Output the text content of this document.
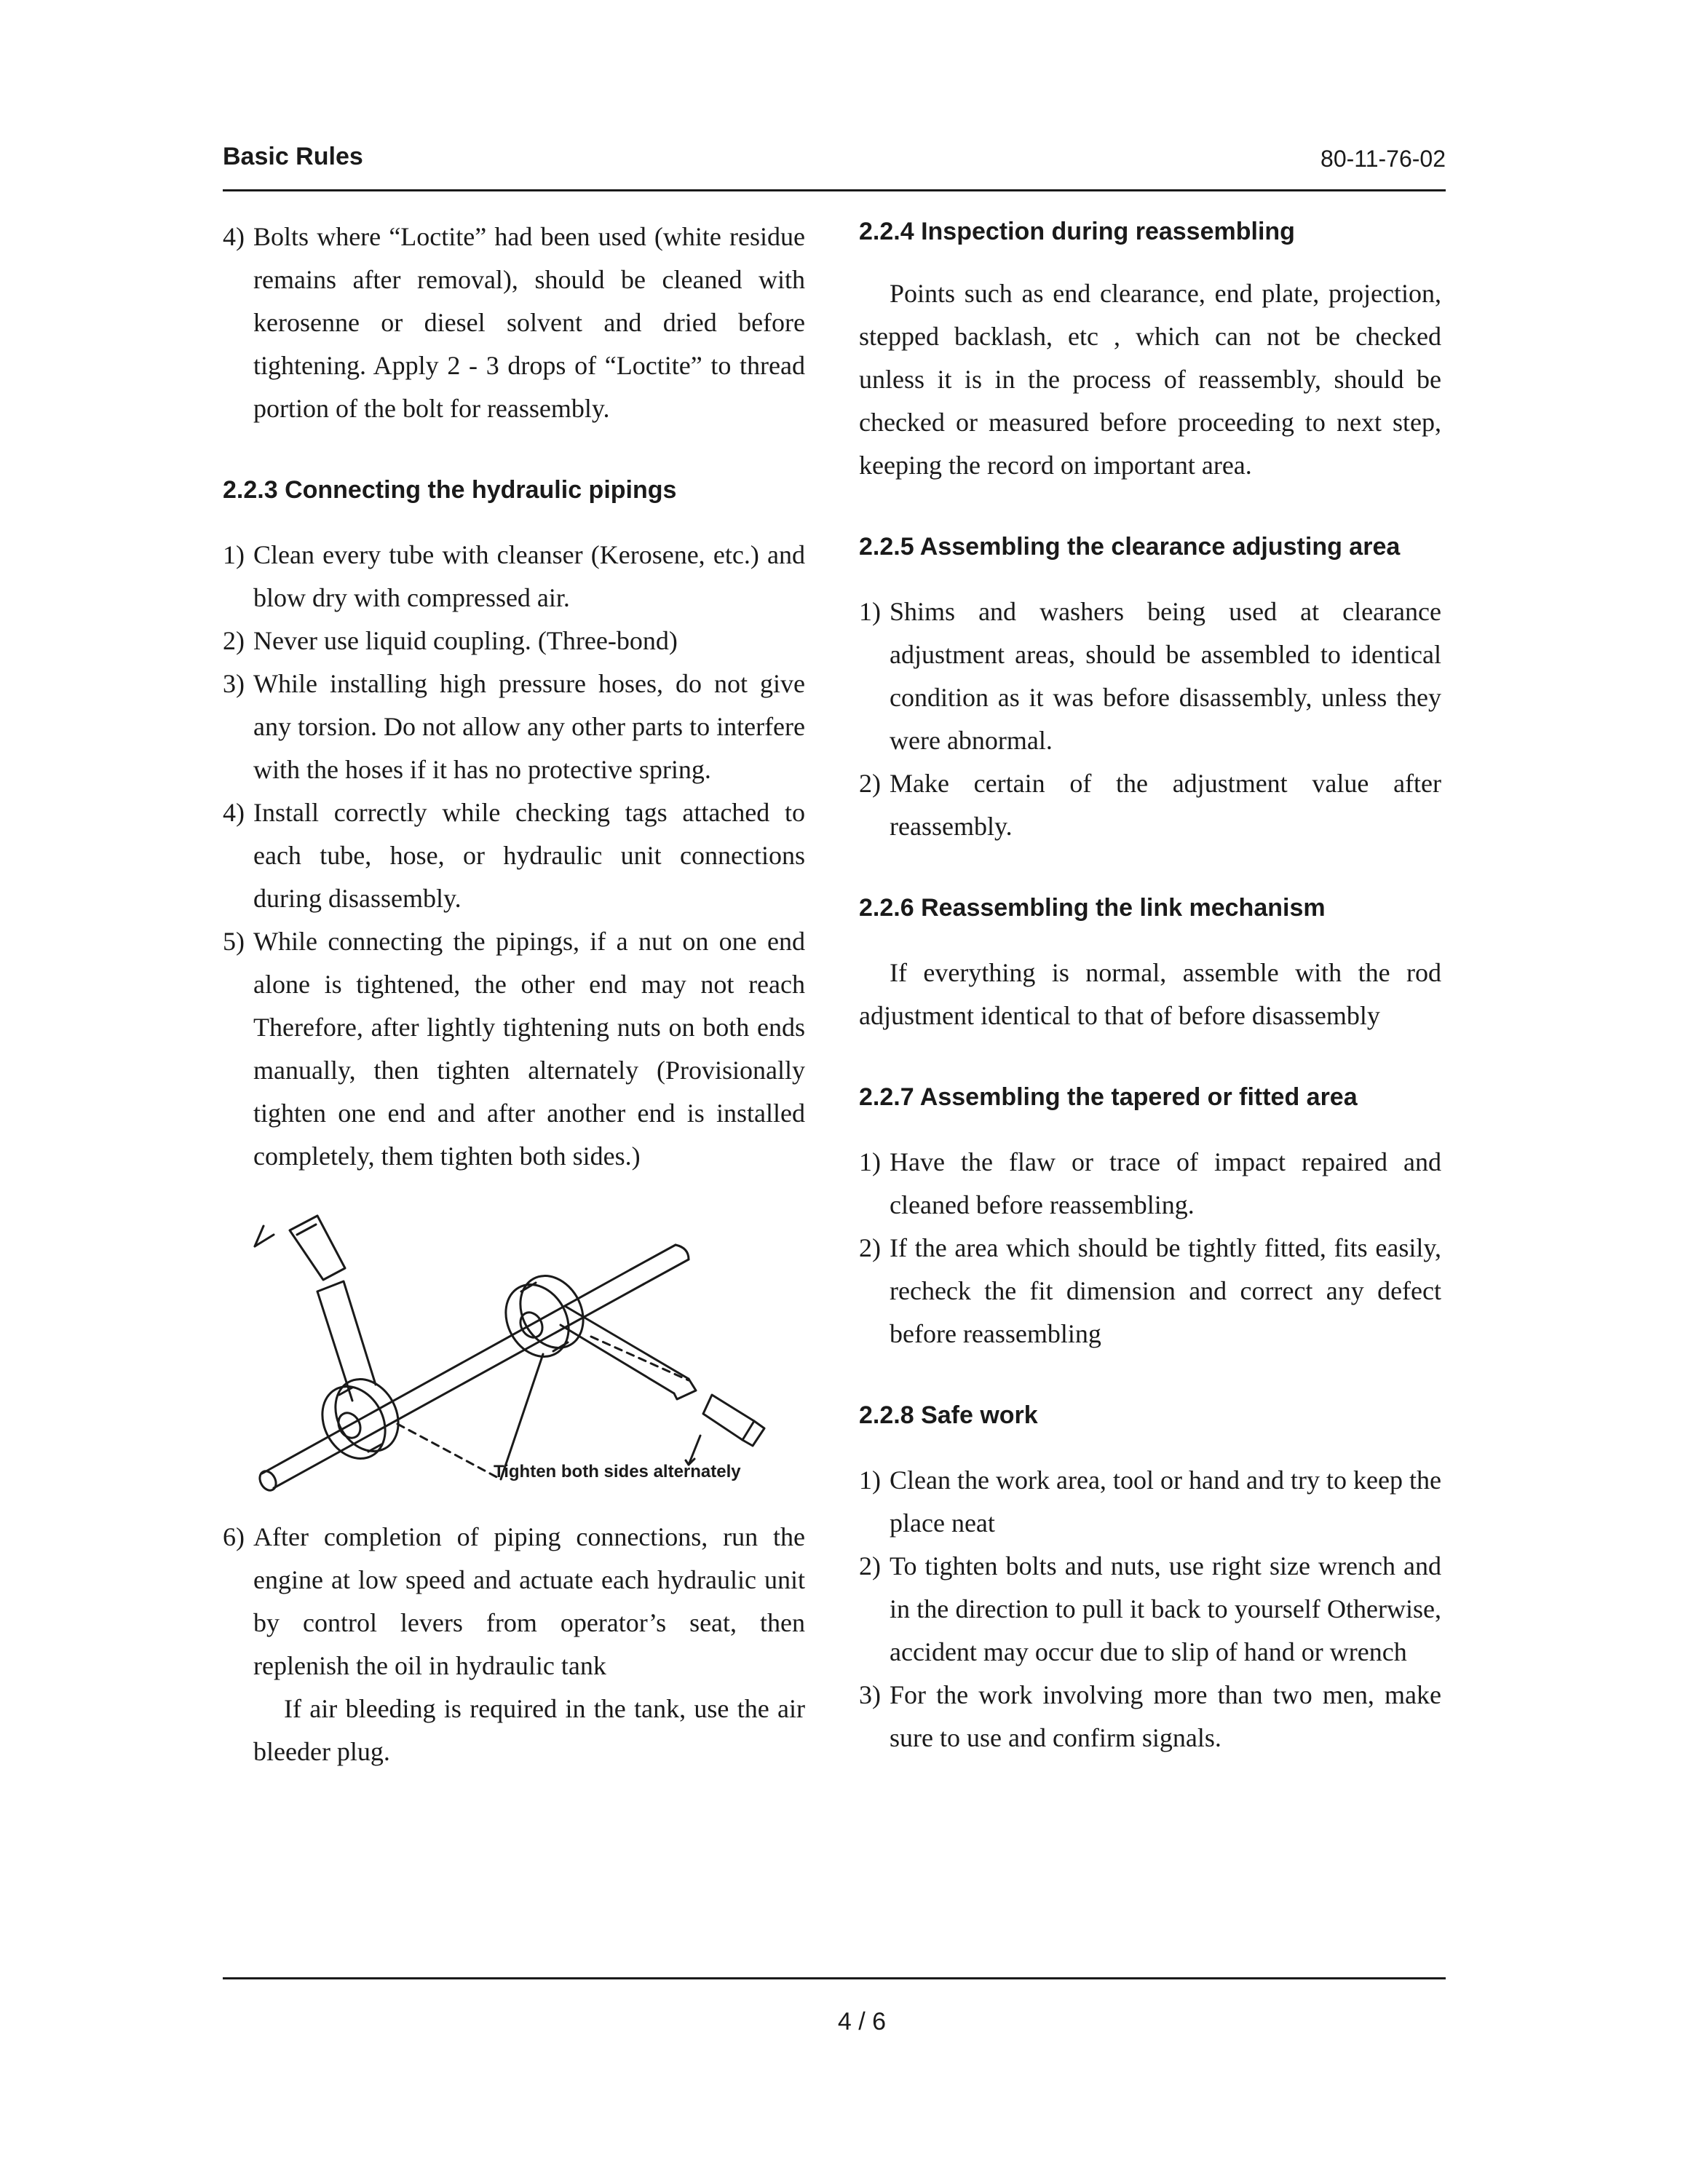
Basic Rules	80-11-76-02
4) Bolts where “Loctite” had been used (white residue remains after removal), should be cleaned with kerosenne or diesel solvent and dried before tightening. Apply 2 - 3 drops of “Loctite” to thread portion of the bolt for reassembly.
2.2.3 Connecting the hydraulic pipings
1) Clean every tube with cleanser (Kerosene, etc.) and blow dry with compressed air.
2) Never use liquid coupling. (Three-bond)
3) While installing high pressure hoses, do not give any torsion. Do not allow any other parts to interfere with the hoses if it has no protective spring.
4) Install correctly while checking tags attached to each tube, hose, or hydraulic unit connections during disassembly.
5) While connecting the pipings, if a nut on one end alone is tightened, the other end may not reach Therefore, after lightly tightening nuts on both ends manually, then tighten alternately (Provisionally tighten one end and after another end is installed completely, them tighten both sides.)
Tighten both sides alternately
6) After completion of piping connections, run the engine at low speed and actuate each hydraulic unit by control levers from operator’s seat, then replenish the oil in hydraulic tank

If air bleeding is required in the tank, use the air bleeder plug.

2.2.4 Inspection during reassembling

Points such as end clearance, end plate, projection, stepped backlash, etc , which can not be checked unless it is in the process of reassembly, should be checked or measured before proceeding to next step, keeping the record on important area.

2.2.5 Assembling the clearance adjusting area
1) Shims and washers being used at clearance adjustment areas, should be assembled to identical condition as it was before disassembly, unless they were abnormal.
2) Make certain of the adjustment value after reassembly.
2.2.6 Reassembling the link mechanism

If everything is normal, assemble with the rod adjustment identical to that of before disassembly

2.2.7 Assembling the tapered or fitted area
1) Have the flaw or trace of impact repaired and cleaned before reassembling.
2) If the area which should be tightly fitted, fits easily, recheck the fit dimension and correct any defect before reassembling
2.2.8 Safe work
1) Clean the work area, tool or hand and try to keep the place neat
2) To tighten bolts and nuts, use right size wrench and in the direction to pull it back to yourself Otherwise, accident may occur due to slip of hand or wrench
3) For the work involving more than two men, make sure to use and confirm signals.
4 / 6
